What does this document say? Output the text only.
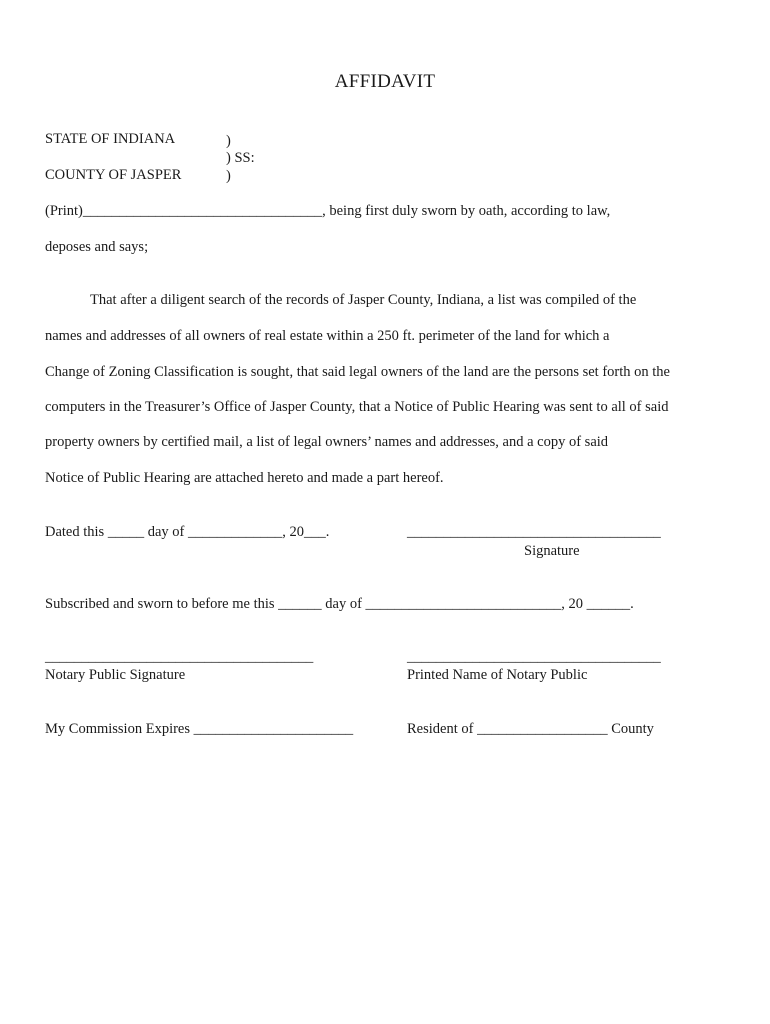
AFFIDAVIT
STATE OF INDIANA	)
) SS:
COUNTY OF JASPER	)
(Print)_________________________________, being first duly sworn by oath, according to law,
deposes and says;
That after a diligent search of the records of Jasper County, Indiana, a list was compiled of the
names and addresses of all owners of real estate within a 250 ft. perimeter of the land for which a
Change of Zoning Classification is sought, that said legal owners of the land are the persons set forth on the
computers in the Treasurer’s Office of Jasper County, that a Notice of Public Hearing was sent to all of said
property owners by certified mail, a list of legal owners’ names and addresses, and a copy of said
Notice of Public Hearing are attached hereto and made a part hereof.
Dated this _____ day of _____________, 20___.	___________________________________
Signature
Subscribed and sworn to before me this ______ day of ___________________________, 20 ______.
_____________________________________
Notary Public Signature
___________________________________
Printed Name of Notary Public
My Commission Expires ______________________	Resident of __________________ County
